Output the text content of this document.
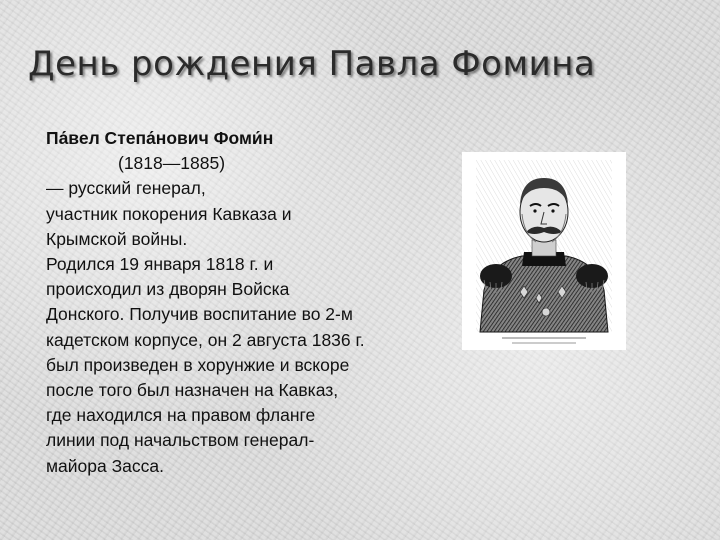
День рождения Павла Фомина
Па́вел Степа́нович Фоми́н
(1818—1885)
— русский генерал,
участник покорения Кавказа и
Крымской войны.
Родился 19 января 1818 г. и
происходил из дворян Войска
Донского. Получив воспитание во 2-м
кадетском корпусе, он 2 августа 1836 г.
был произведен в хорунжие и вскоре
после того был назначен на Кавказ,
где находился на правом фланге
линии под начальством генерал-
майора Засса.
